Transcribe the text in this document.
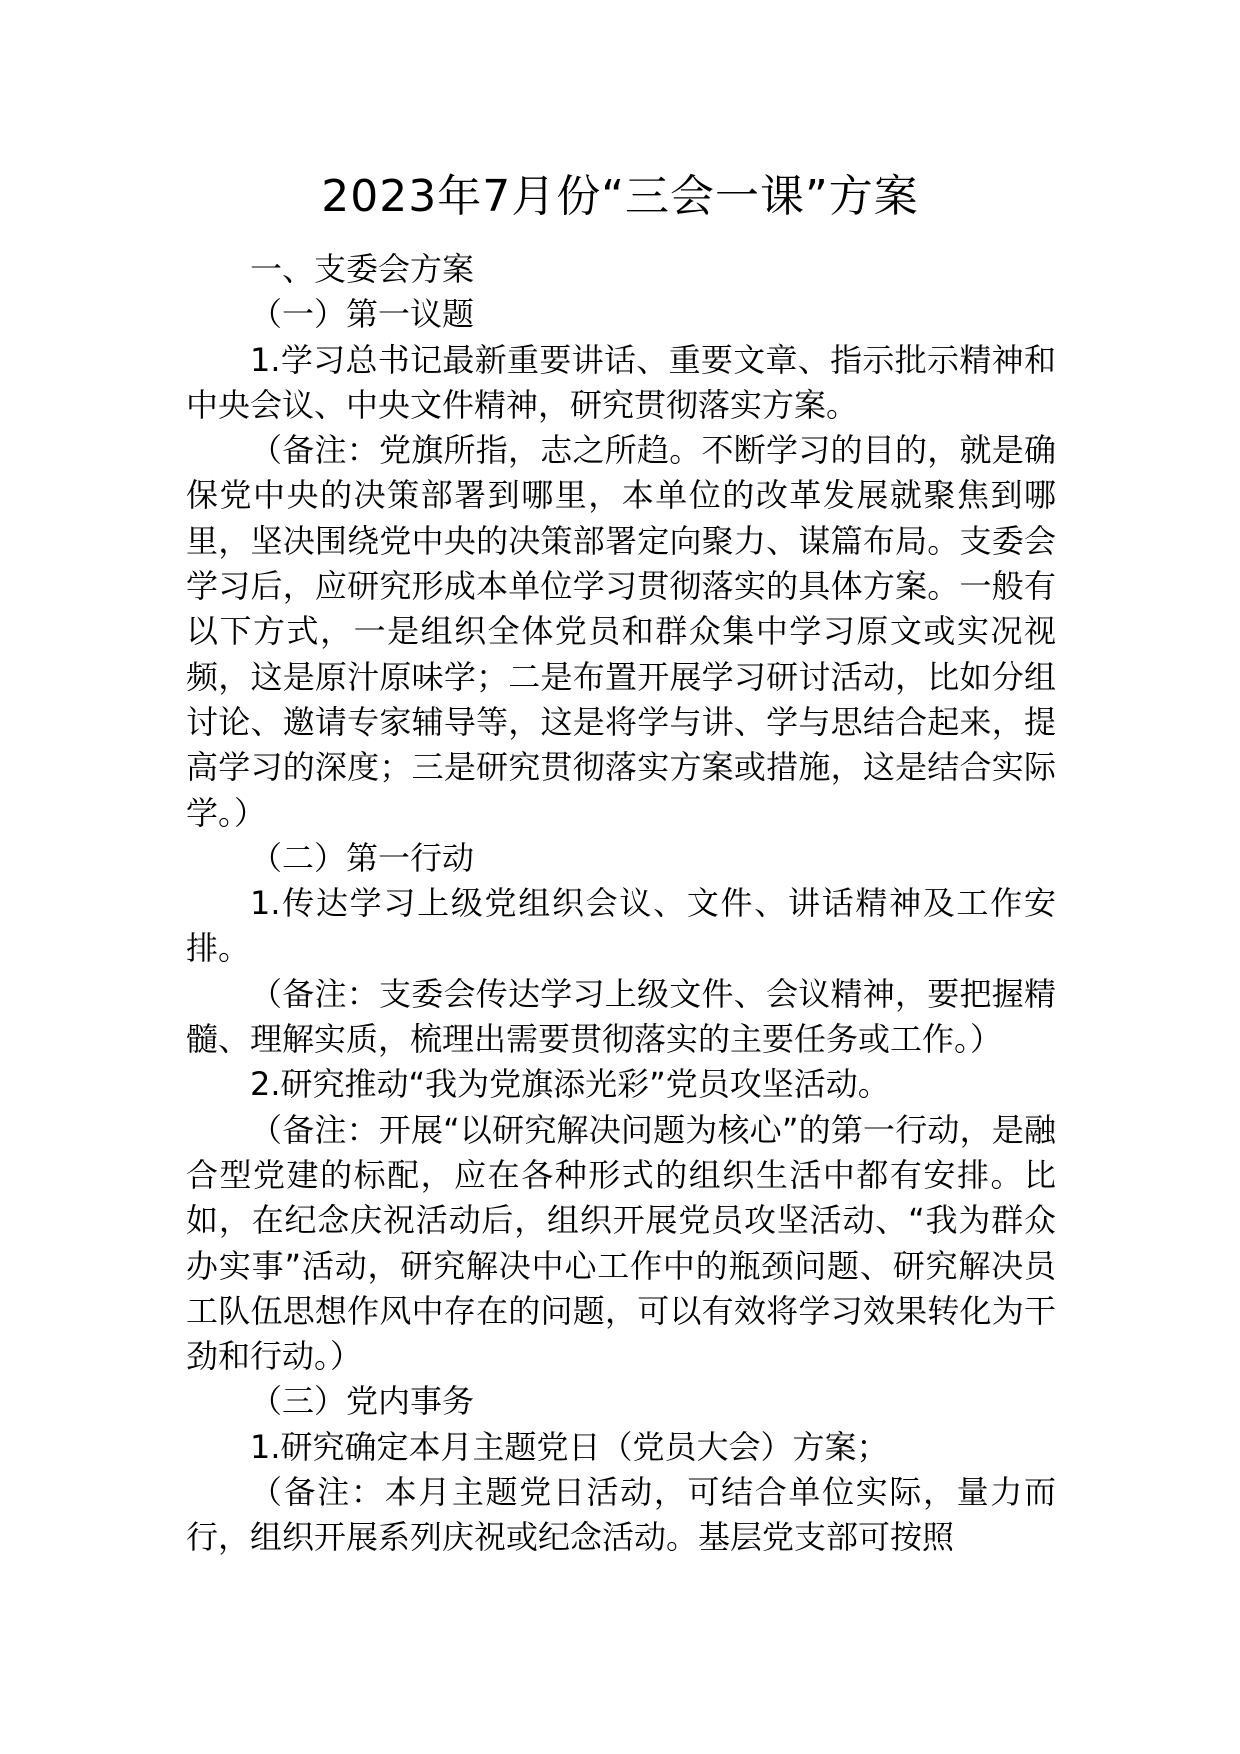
2023年7月份“三会一课”方案

一、支委会方案

（一）第一议题

1.学习总书记最新重要讲话、重要文章、指示批示精神和中央会议、中央文件精神，研究贯彻落实方案。

（备注：党旗所指，志之所趋。不断学习的目的，就是确保党中央的决策部署到哪里，本单位的改革发展就聚焦到哪里，坚决围绕党中央的决策部署定向聚力、谋篇布局。支委会学习后，应研究形成本单位学习贯彻落实的具体方案。一般有以下方式，一是组织全体党员和群众集中学习原文或实况视频，这是原汁原味学；二是布置开展学习研讨活动，比如分组讨论、邀请专家辅导等，这是将学与讲、学与思结合起来，提高学习的深度；三是研究贯彻落实方案或措施，这是结合实际学。）

（二）第一行动

1.传达学习上级党组织会议、文件、讲话精神及工作安排。

（备注：支委会传达学习上级文件、会议精神，要把握精髓、理解实质，梳理出需要贯彻落实的主要任务或工作。）

2.研究推动“我为党旗添光彩”党员攻坚活动。

（备注：开展“以研究解决问题为核心”的第一行动，是融合型党建的标配，应在各种形式的组织生活中都有安排。比如，在纪念庆祝活动后，组织开展党员攻坚活动、“我为群众办实事”活动，研究解决中心工作中的瓶颈问题、研究解决员工队伍思想作风中存在的问题，可以有效将学习效果转化为干劲和行动。）

（三）党内事务

1.研究确定本月主题党日（党员大会）方案；

（备注：本月主题党日活动，可结合单位实际，量力而行，组织开展系列庆祝或纪念活动。基层党支部可按照
